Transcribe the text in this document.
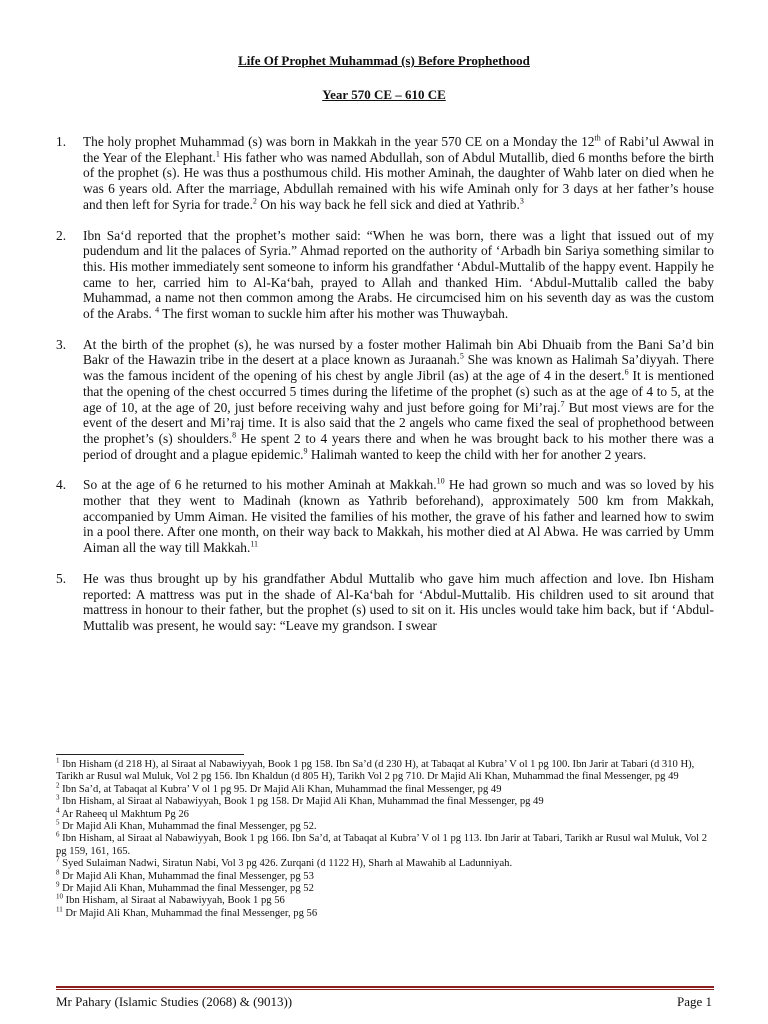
Life Of Prophet Muhammad (s) Before Prophethood
Year 570 CE – 610 CE
1. The holy prophet Muhammad (s) was born in Makkah in the year 570 CE on a Monday the 12th of Rabi’ul Awwal in the Year of the Elephant.$^1$ His father who was named Abdullah, son of Abdul Mutallib, died 6 months before the birth of the prophet (s). He was thus a posthumous child. His mother Aminah, the daughter of Wahb later on died when he was 6 years old. After the marriage, Abdullah remained with his wife Aminah only for 3 days at her father’s house and then left for Syria for trade.$^2$ On his way back he fell sick and died at Yathrib.$^3$
2. Ibn Sa‘d reported that the prophet’s mother said: “When he was born, there was a light that issued out of my pudendum and lit the palaces of Syria.” Ahmad reported on the authority of ‘Arbadh bin Sariya something similar to this. His mother immediately sent someone to inform his grandfather ‘Abdul-Muttalib of the happy event. Happily he came to her, carried him to Al-Ka‘bah, prayed to Allah and thanked Him. ‘Abdul-Muttalib called the baby Muhammad, a name not then common among the Arabs. He circumcised him on his seventh day as was the custom of the Arabs. $^4$ The first woman to suckle him after his mother was Thuwaybah.
3. At the birth of the prophet (s), he was nursed by a foster mother Halimah bin Abi Dhuaib from the Bani Sa’d bin Bakr of the Hawazin tribe in the desert at a place known as Juraanah.$^5$ She was known as Halimah Sa’diyyah. There was the famous incident of the opening of his chest by angle Jibril (as) at the age of 4 in the desert.$^6$ It is mentioned that the opening of the chest occurred 5 times during the lifetime of the prophet (s) such as at the age of 4 to 5, at the age of 10, at the age of 20, just before receiving wahy and just before going for Mi’raj.$^7$ But most views are for the event of the desert and Mi’raj time. It is also said that the 2 angels who came fixed the seal of prophethood between the prophet’s (s) shoulders.$^8$ He spent 2 to 4 years there and when he was brought back to his mother there was a period of drought and a plague epidemic.$^9$ Halimah wanted to keep the child with her for another 2 years.
4. So at the age of 6 he returned to his mother Aminah at Makkah.$^{10}$ He had grown so much and was so loved by his mother that they went to Madinah (known as Yathrib beforehand), approximately 500 km from Makkah, accompanied by Umm Aiman. He visited the families of his mother, the grave of his father and learned how to swim in a pool there. After one month, on their way back to Makkah, his mother died at Al Abwa. He was carried by Umm Aiman all the way till Makkah.$^{11}$
5. He was thus brought up by his grandfather Abdul Muttalib who gave him much affection and love. Ibn Hisham reported: A mattress was put in the shade of Al-Ka‘bah for ‘Abdul-Muttalib. His children used to sit around that mattress in honour to their father, but the prophet (s) used to sit on it. His uncles would take him back, but if ‘Abdul-Muttalib was present, he would say: “Leave my grandson. I swear
$^1$ Ibn Hisham (d 218 H), al Siraat al Nabawiyyah, Book 1 pg 158. Ibn Sa’d (d 230 H), at Tabaqat al Kubra’ V ol 1 pg 100. Ibn Jarir at Tabari (d 310 H), Tarikh ar Rusul wal Muluk, Vol 2 pg 156. Ibn Khaldun (d 805 H), Tarikh Vol 2 pg 710. Dr Majid Ali Khan, Muhammad the final Messenger, pg 49
$^2$ Ibn Sa’d, at Tabaqat al Kubra’ V ol 1 pg 95. Dr Majid Ali Khan, Muhammad the final Messenger, pg 49
$^3$ Ibn Hisham, al Siraat al Nabawiyyah, Book 1 pg 158. Dr Majid Ali Khan, Muhammad the final Messenger, pg 49
$^4$ Ar Raheeq ul Makhtum Pg 26
$^5$ Dr Majid Ali Khan, Muhammad the final Messenger, pg 52.
$^6$ Ibn Hisham, al Siraat al Nabawiyyah, Book 1 pg 166. Ibn Sa’d, at Tabaqat al Kubra’ V ol 1 pg 113. Ibn Jarir at Tabari, Tarikh ar Rusul wal Muluk, Vol 2 pg 159, 161, 165.
$^7$ Syed Sulaiman Nadwi, Siratun Nabi, Vol 3 pg 426. Zurqani (d 1122 H), Sharh al Mawahib al Ladunniyah.
$^8$ Dr Majid Ali Khan, Muhammad the final Messenger, pg 53
$^9$ Dr Majid Ali Khan, Muhammad the final Messenger, pg 52
$^{10}$ Ibn Hisham, al Siraat al Nabawiyyah, Book 1 pg 56
$^{11}$ Dr Majid Ali Khan, Muhammad the final Messenger, pg 56
Mr Pahary (Islamic Studies (2068) & (9013))	Page 1
